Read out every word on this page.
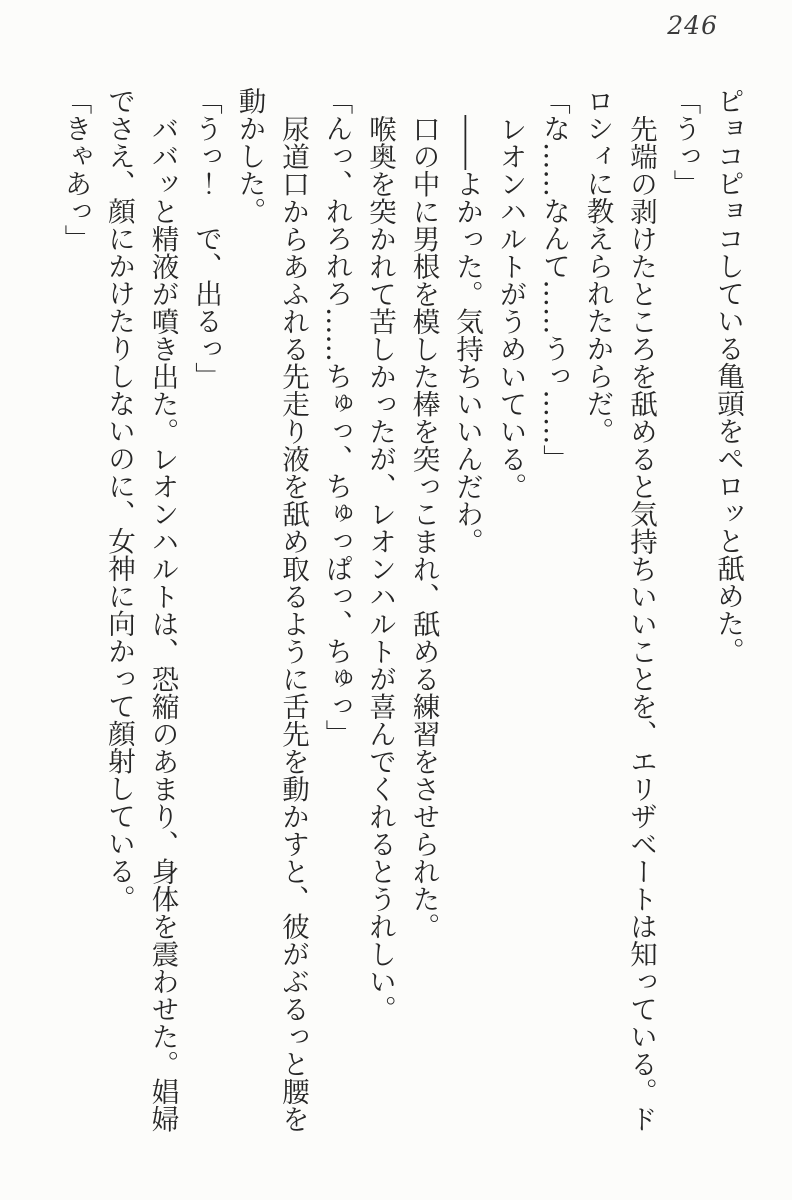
246

ピョコピョコしている亀頭をペロッと舐めた。

「うっ」

先端の剥けたところを舐めると気持ちいいことを、エリザベートは知っている。ドロシィに教えられたからだ。

「な……なんて……うっ……」

レオンハルトがうめいている。

――よかった。気持ちいいんだわ。

口の中に男根を模した棒を突っこまれ、舐める練習をさせられた。

喉奥を突かれて苦しかったが、レオンハルトが喜んでくれるとうれしい。

「んっ、れろれろ……ちゅっ、ちゅっぱっ、ちゅっ」

尿道口からあふれる先走り液を舐め取るように舌先を動かすと、彼がぶるっと腰を動かした。

「うっ！　で、出るっ」

ババッと精液が噴き出た。レオンハルトは、恐縮のあまり、身体を震わせた。娼婦でさえ、顔にかけたりしないのに、女神に向かって顔射している。

「きゃあっ」
